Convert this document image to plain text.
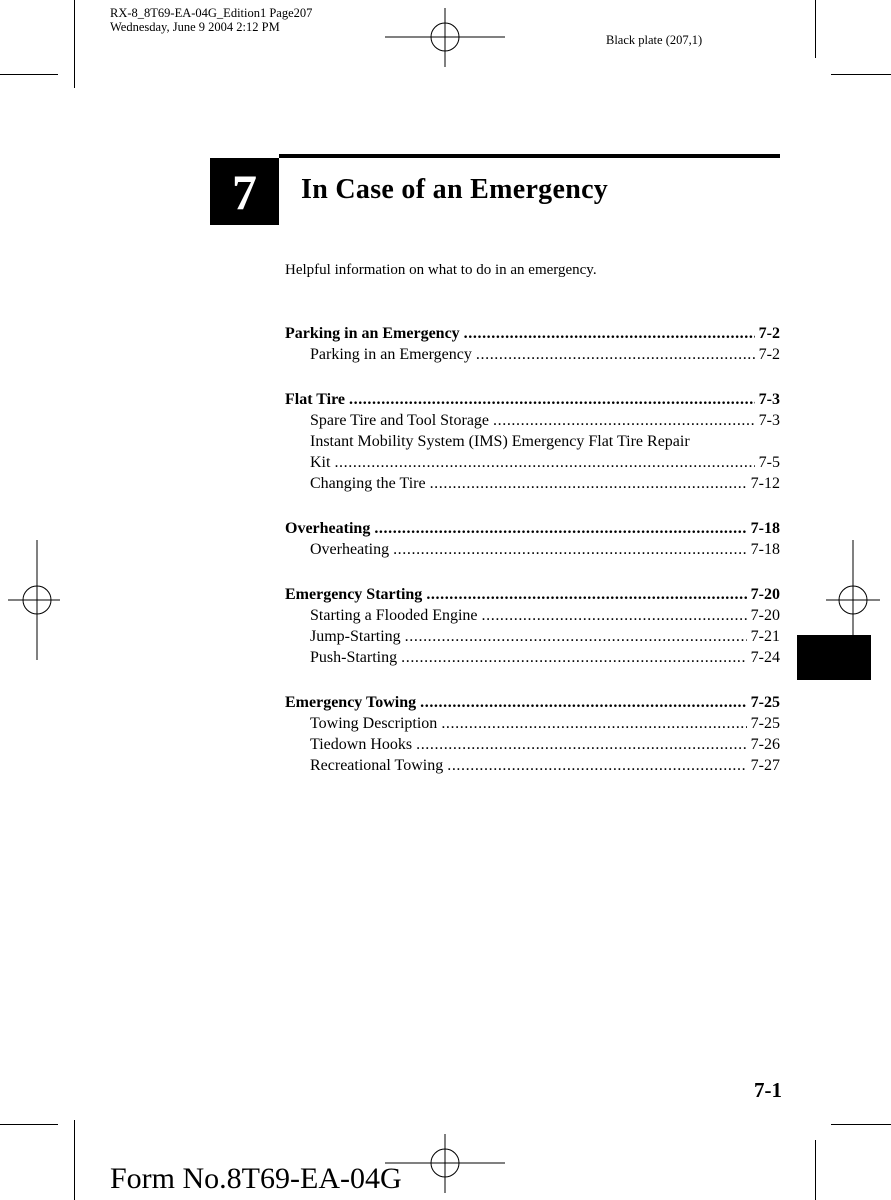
RX-8_8T69-EA-04G_Edition1 Page207
Wednesday, June 9 2004 2:12 PM
Black plate (207,1)
7	In Case of an Emergency
Helpful information on what to do in an emergency.
Parking in an Emergency .....	7-2
Parking in an Emergency .....	7-2
Flat Tire .....	7-3
Spare Tire and Tool Storage .....	7-3
Instant Mobility System (IMS) Emergency Flat Tire Repair
Kit .....	7-5
Changing the Tire .....	7-12
Overheating .....	7-18
Overheating .....	7-18
Emergency Starting .....	7-20
Starting a Flooded Engine .....	7-20
Jump-Starting .....	7-21
Push-Starting .....	7-24
Emergency Towing .....	7-25
Towing Description .....	7-25
Tiedown Hooks .....	7-26
Recreational Towing .....	7-27
7-1
Form No.8T69-EA-04G
